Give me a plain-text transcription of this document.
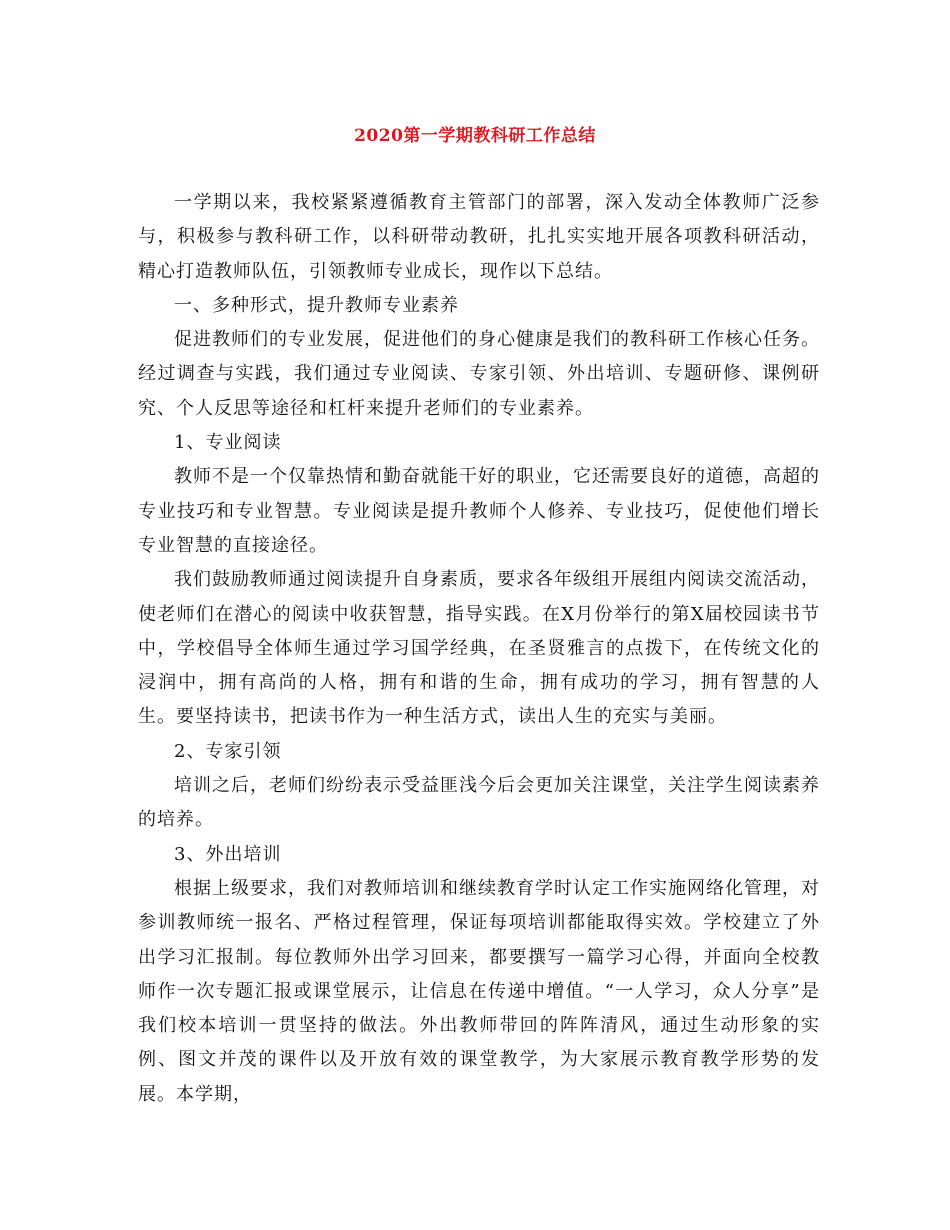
2020第一学期教科研工作总结

一学期以来，我校紧紧遵循教育主管部门的部署，深入发动全体教师广泛参与，积极参与教科研工作，以科研带动教研，扎扎实实地开展各项教科研活动，精心打造教师队伍，引领教师专业成长，现作以下总结。

一、多种形式，提升教师专业素养

促进教师们的专业发展，促进他们的身心健康是我们的教科研工作核心任务。经过调查与实践，我们通过专业阅读、专家引领、外出培训、专题研修、课例研究、个人反思等途径和杠杆来提升老师们的专业素养。

1、专业阅读

教师不是一个仅靠热情和勤奋就能干好的职业，它还需要良好的道德，高超的专业技巧和专业智慧。专业阅读是提升教师个人修养、专业技巧，促使他们增长专业智慧的直接途径。

我们鼓励教师通过阅读提升自身素质，要求各年级组开展组内阅读交流活动，使老师们在潜心的阅读中收获智慧，指导实践。在X月份举行的第X届校园读书节中，学校倡导全体师生通过学习国学经典，在圣贤雅言的点拨下，在传统文化的浸润中，拥有高尚的人格，拥有和谐的生命，拥有成功的学习，拥有智慧的人生。要坚持读书，把读书作为一种生活方式，读出人生的充实与美丽。

2、专家引领

培训之后，老师们纷纷表示受益匪浅今后会更加关注课堂，关注学生阅读素养的培养。

3、外出培训

根据上级要求，我们对教师培训和继续教育学时认定工作实施网络化管理，对参训教师统一报名、严格过程管理，保证每项培训都能取得实效。学校建立了外出学习汇报制。每位教师外出学习回来，都要撰写一篇学习心得，并面向全校教师作一次专题汇报或课堂展示，让信息在传递中增值。“一人学习，众人分享”是我们校本培训一贯坚持的做法。外出教师带回的阵阵清风，通过生动形象的实例、图文并茂的课件以及开放有效的课堂教学，为大家展示教育教学形势的发展。本学期，
